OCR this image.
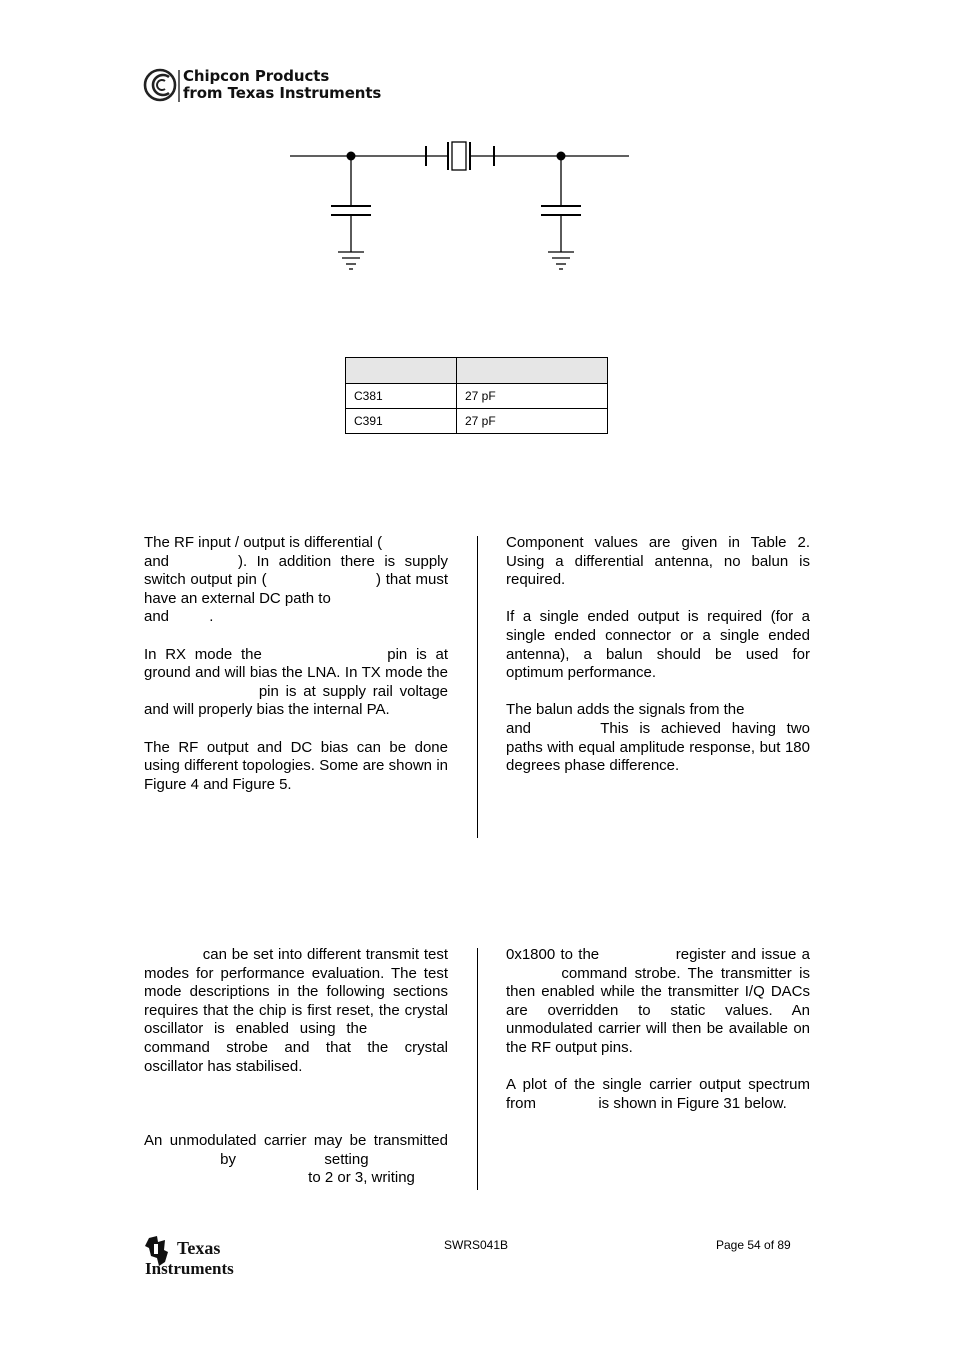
Chipcon Products
from Texas Instruments

C381	27 pF
C391	27 pF

The RF input / output is differential (
and	). In addition there is supply switch output pin (	) that must have an external DC path to
and	.

In RX mode the	pin is at ground and will bias the LNA. In TX mode the  pin is at supply rail voltage and will properly bias the internal PA.

The RF output and DC bias can be done using different topologies. Some are shown in Figure 4 and Figure 5.

Component values are given in Table 2. Using a differential antenna, no balun is required.

If a single ended output is required (for a single ended connector or a single ended antenna), a balun should be used for optimum performance.

The balun adds the signals from the
and	This is achieved having two paths with equal amplitude response, but 180 degrees phase difference.

can be set into different transmit test modes for performance evaluation. The test mode descriptions in the following sections requires that the chip is first reset, the crystal oscillator is enabled using the  command strobe and that the crystal oscillator has stabilised.

An unmodulated carrier may be transmitted  by	setting
to 2 or 3, writing

0x1800 to the	register and issue a  command strobe. The transmitter is then enabled while the transmitter I/Q DACs are overridden to static values. An unmodulated carrier will then be available on the RF output pins.

A plot of the single carrier output spectrum from	is shown in Figure 31 below.

Texas
Instruments
SWRS041B	Page 54 of 89
